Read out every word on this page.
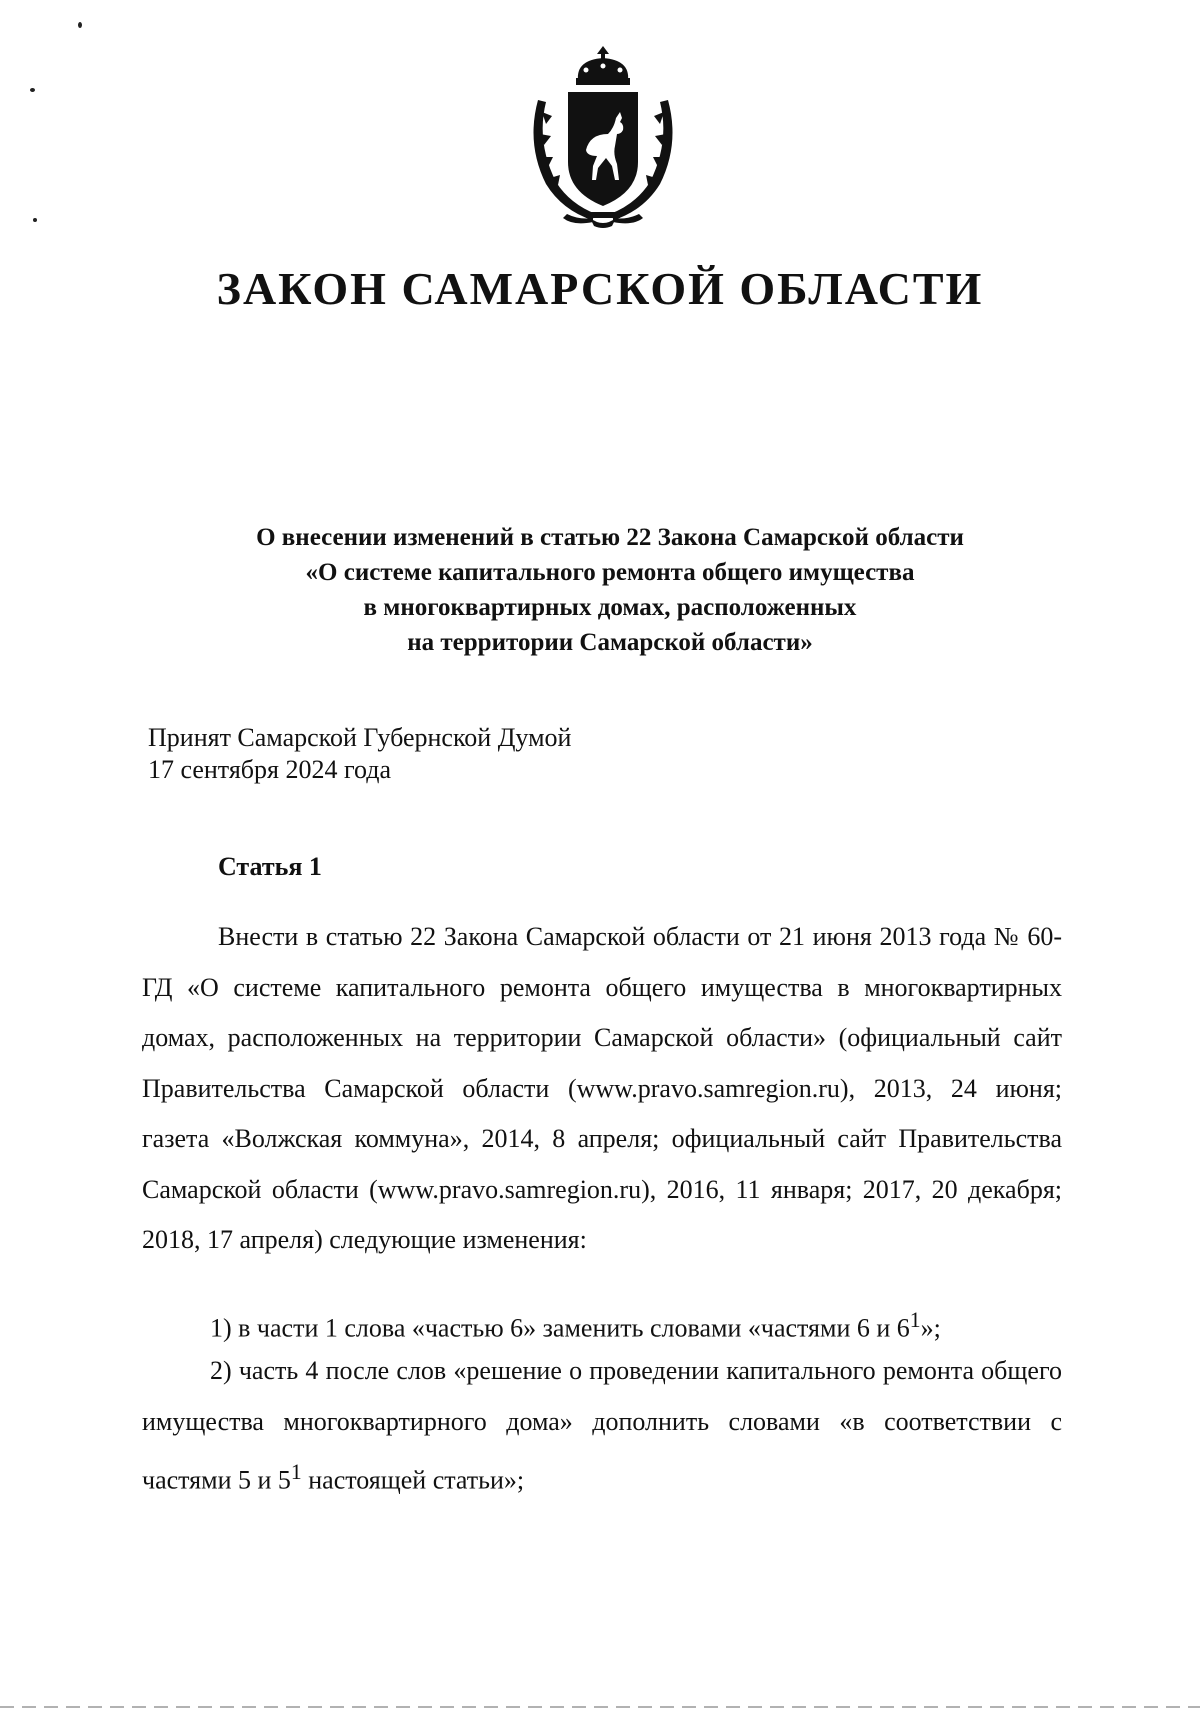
ЗАКОН САМАРСКОЙ ОБЛАСТИ
О внесении изменений в статью 22 Закона Самарской области
«О системе капитального ремонта общего имущества
в многоквартирных домах, расположенных
на территории Самарской области»
Принят Самарской Губернской Думой
17 сентября 2024 года
Статья 1

Внести в статью 22 Закона Самарской области от 21 июня 2013 года № 60-ГД «О системе капитального ремонта общего имущества в многоквартирных домах, расположенных на территории Самарской области» (официальный сайт Правительства Самарской области (www.pravo.samregion.ru), 2013, 24 июня; газета «Волжская коммуна», 2014, 8 апреля; официальный сайт Правительства Самарской области (www.pravo.samregion.ru), 2016, 11 января; 2017, 20 декабря; 2018, 17 апреля) следующие изменения:

1) в части 1 слова «частью 6» заменить словами «частями 6 и $6^1$»;

2) часть 4 после слов «решение о проведении капитального ремонта общего имущества многоквартирного дома» дополнить словами «в соответствии с частями 5 и $5^1$ настоящей статьи»;
